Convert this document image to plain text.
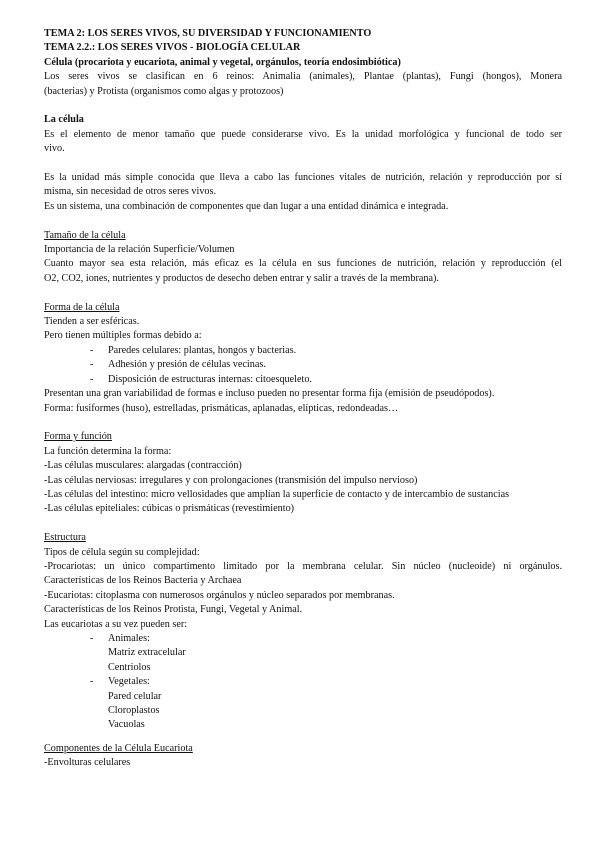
TEMA 2: LOS SERES VIVOS, SU DIVERSIDAD Y FUNCIONAMIENTO
TEMA 2.2.: LOS SERES VIVOS - BIOLOGÍA CELULAR
Célula (procariota y eucariota, animal y vegetal, orgánulos, teoría endosimbiótica)
Los seres vivos se clasifican en 6 reinos: Animalia (animales), Plantae (plantas), Fungi (hongos), Monera
(bacterias) y Protista (organismos como algas y protozoos)
La célula
Es el elemento de menor tamaño que puede considerarse vivo. Es la unidad morfológica y funcional de todo ser
vivo.
Es la unidad más simple conocida que lleva a cabo las funciones vitales de nutrición, relación y reproducción por sí
misma, sin necesidad de otros seres vivos.
Es un sistema, una combinación de componentes que dan lugar a una entidad dinámica e integrada.
Tamaño de la célula
Importancia de la relación Superficie/Volumen
Cuanto mayor sea esta relación, más eficaz es la célula en sus funciones de nutrición, relación y reproducción (el
O2, CO2, iones, nutrientes y productos de desecho deben entrar y salir a través de la membrana).
Forma de la célula
Tienden a ser esféricas.
Pero tienen múltiples formas debido a:
- Paredes celulares: plantas, hongos y bacterias.
- Adhesión y presión de células vecinas.
- Disposición de estructuras internas: citoesqueleto.
Presentan una gran variabilidad de formas e incluso pueden no presentar forma fija (emisión de pseudópodos).
Forma: fusiformes (huso), estrelladas, prismáticas, aplanadas, elípticas, redondeadas…
Forma y función
La función determina la forma:
-Las células musculares: alargadas (contracción)
-Las células nerviosas: irregulares y con prolongaciones (transmisión del impulso nervioso)
-Las células del intestino: micro vellosidades que amplían la superficie de contacto y de intercambio de sustancias
-Las células epiteliales: cúbicas o prismáticas (revestimiento)
Estructura
Tipos de célula según su complejidad:
-Procariotas: un único compartimento limitado por la membrana celular. Sin núcleo (nucleoide) ni orgánulos.
Características de los Reinos Bacteria y Archaea
-Eucariotas: citoplasma con numerosos orgánulos y núcleo separados por membranas.
Características de los Reinos Protista, Fungi, Vegetal y Animal.
Las eucariotas a su vez pueden ser:
- Animales:
Matriz extracelular
Centriolos
- Vegetales:
Pared celular
Cloroplastos
Vacuolas
Componentes de la Célula Eucariota
-Envolturas celulares
